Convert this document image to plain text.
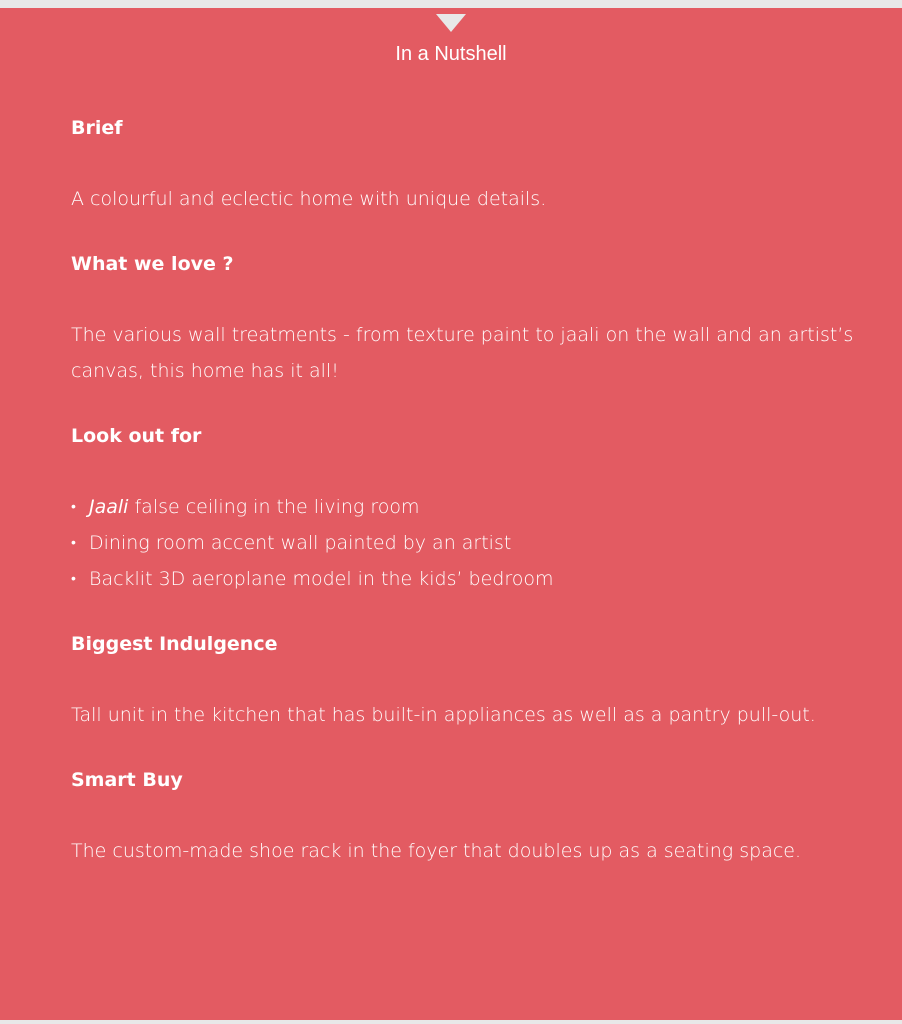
In a Nutshell

Brief

A colourful and eclectic home with unique details.

What we love ?

The various wall treatments - from texture paint to jaali on the wall and an artist’s canvas, this home has it all!

Look out for

• Jaali false ceiling in the living room
• Dining room accent wall painted by an artist
• Backlit 3D aeroplane model in the kids’ bedroom

Biggest Indulgence

Tall unit in the kitchen that has built-in appliances as well as a pantry pull-out.

Smart Buy

The custom-made shoe rack in the foyer that doubles up as a seating space.
